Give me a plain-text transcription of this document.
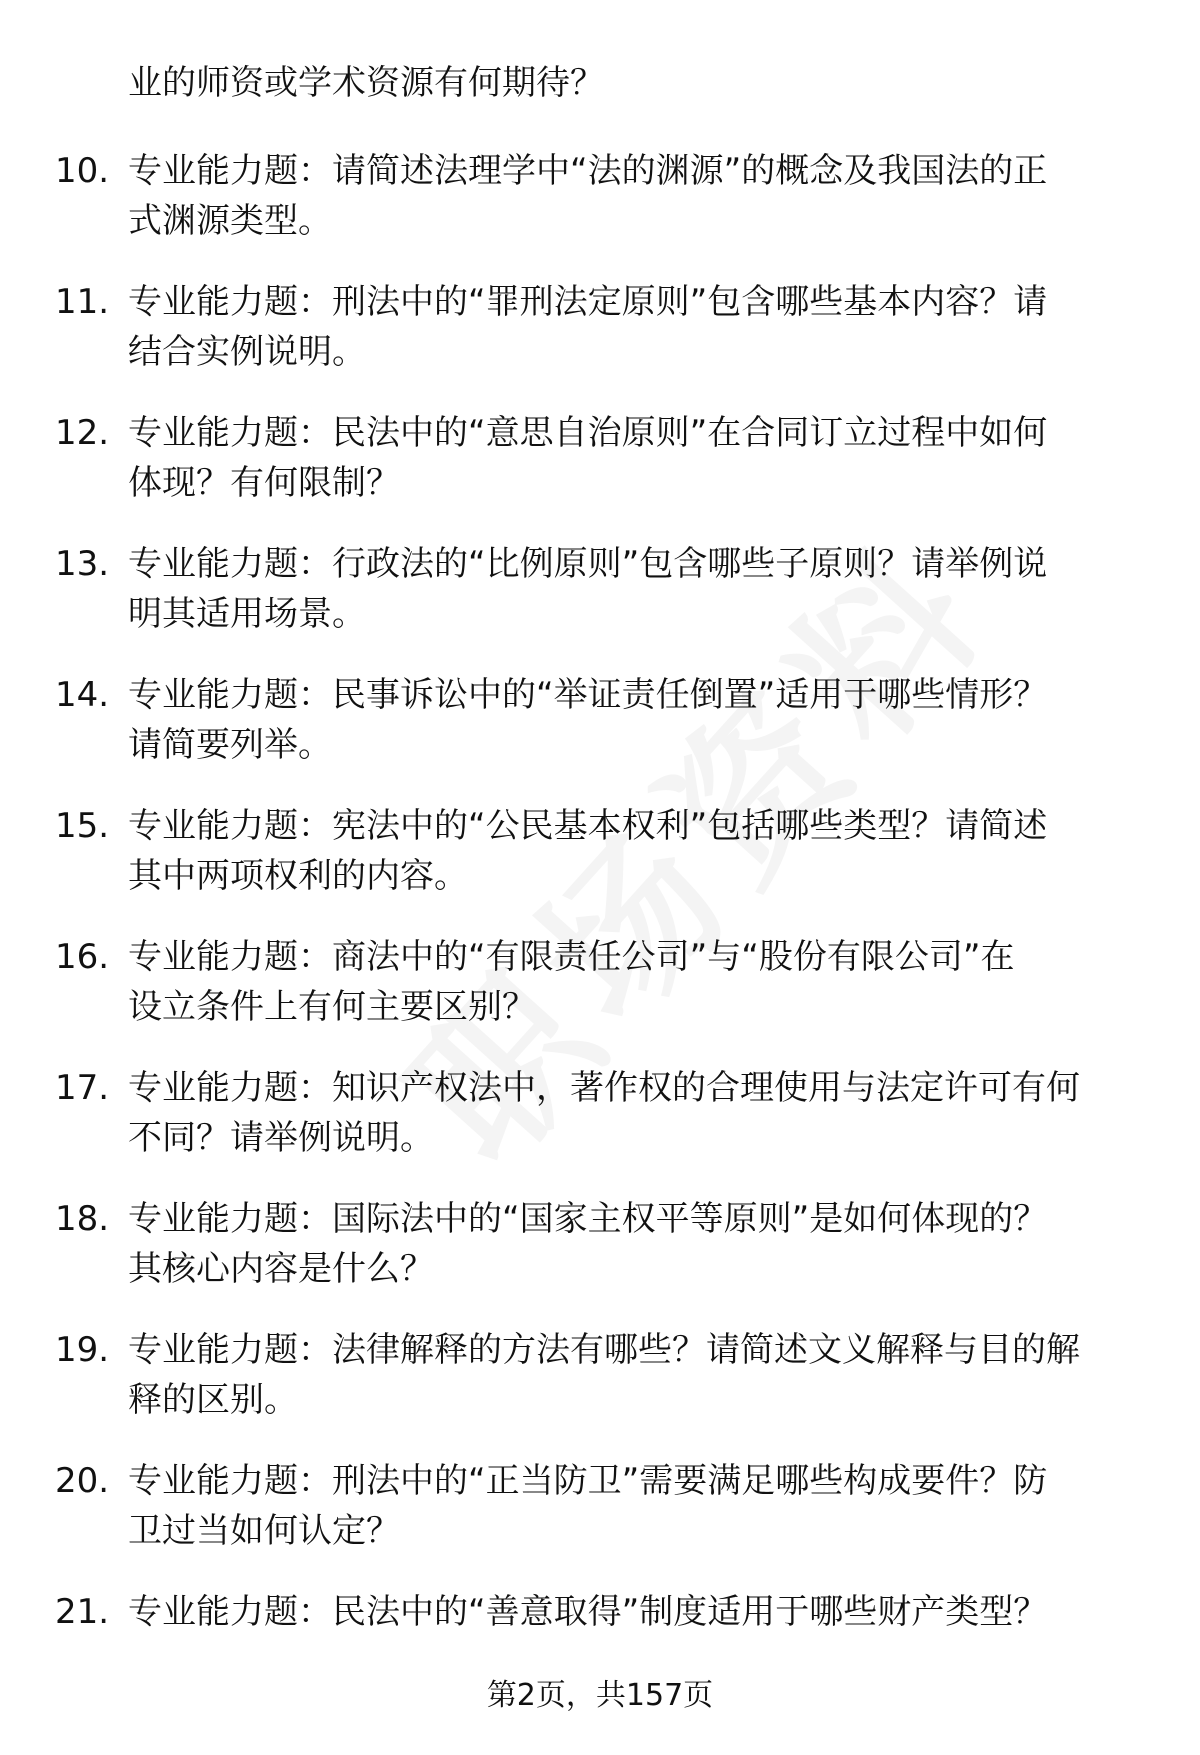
业的师资或学术资源有何期待？
10. 专业能力题：请简述法理学中“法的渊源”的概念及我国法的正
式渊源类型。
11. 专业能力题：刑法中的“罪刑法定原则”包含哪些基本内容？请
结合实例说明。
12. 专业能力题：民法中的“意思自治原则”在合同订立过程中如何
体现？有何限制？
13. 专业能力题：行政法的“比例原则”包含哪些子原则？请举例说
明其适用场景。
14. 专业能力题：民事诉讼中的“举证责任倒置”适用于哪些情形？
请简要列举。
15. 专业能力题：宪法中的“公民基本权利”包括哪些类型？请简述
其中两项权利的内容。
16. 专业能力题：商法中的“有限责任公司”与“股份有限公司”在
设立条件上有何主要区别？
17. 专业能力题：知识产权法中，著作权的合理使用与法定许可有何
不同？请举例说明。
18. 专业能力题：国际法中的“国家主权平等原则”是如何体现的？
其核心内容是什么？
19. 专业能力题：法律解释的方法有哪些？请简述文义解释与目的解
释的区别。
20. 专业能力题：刑法中的“正当防卫”需要满足哪些构成要件？防
卫过当如何认定？
21. 专业能力题：民法中的“善意取得”制度适用于哪些财产类型？
第2页，共157页
